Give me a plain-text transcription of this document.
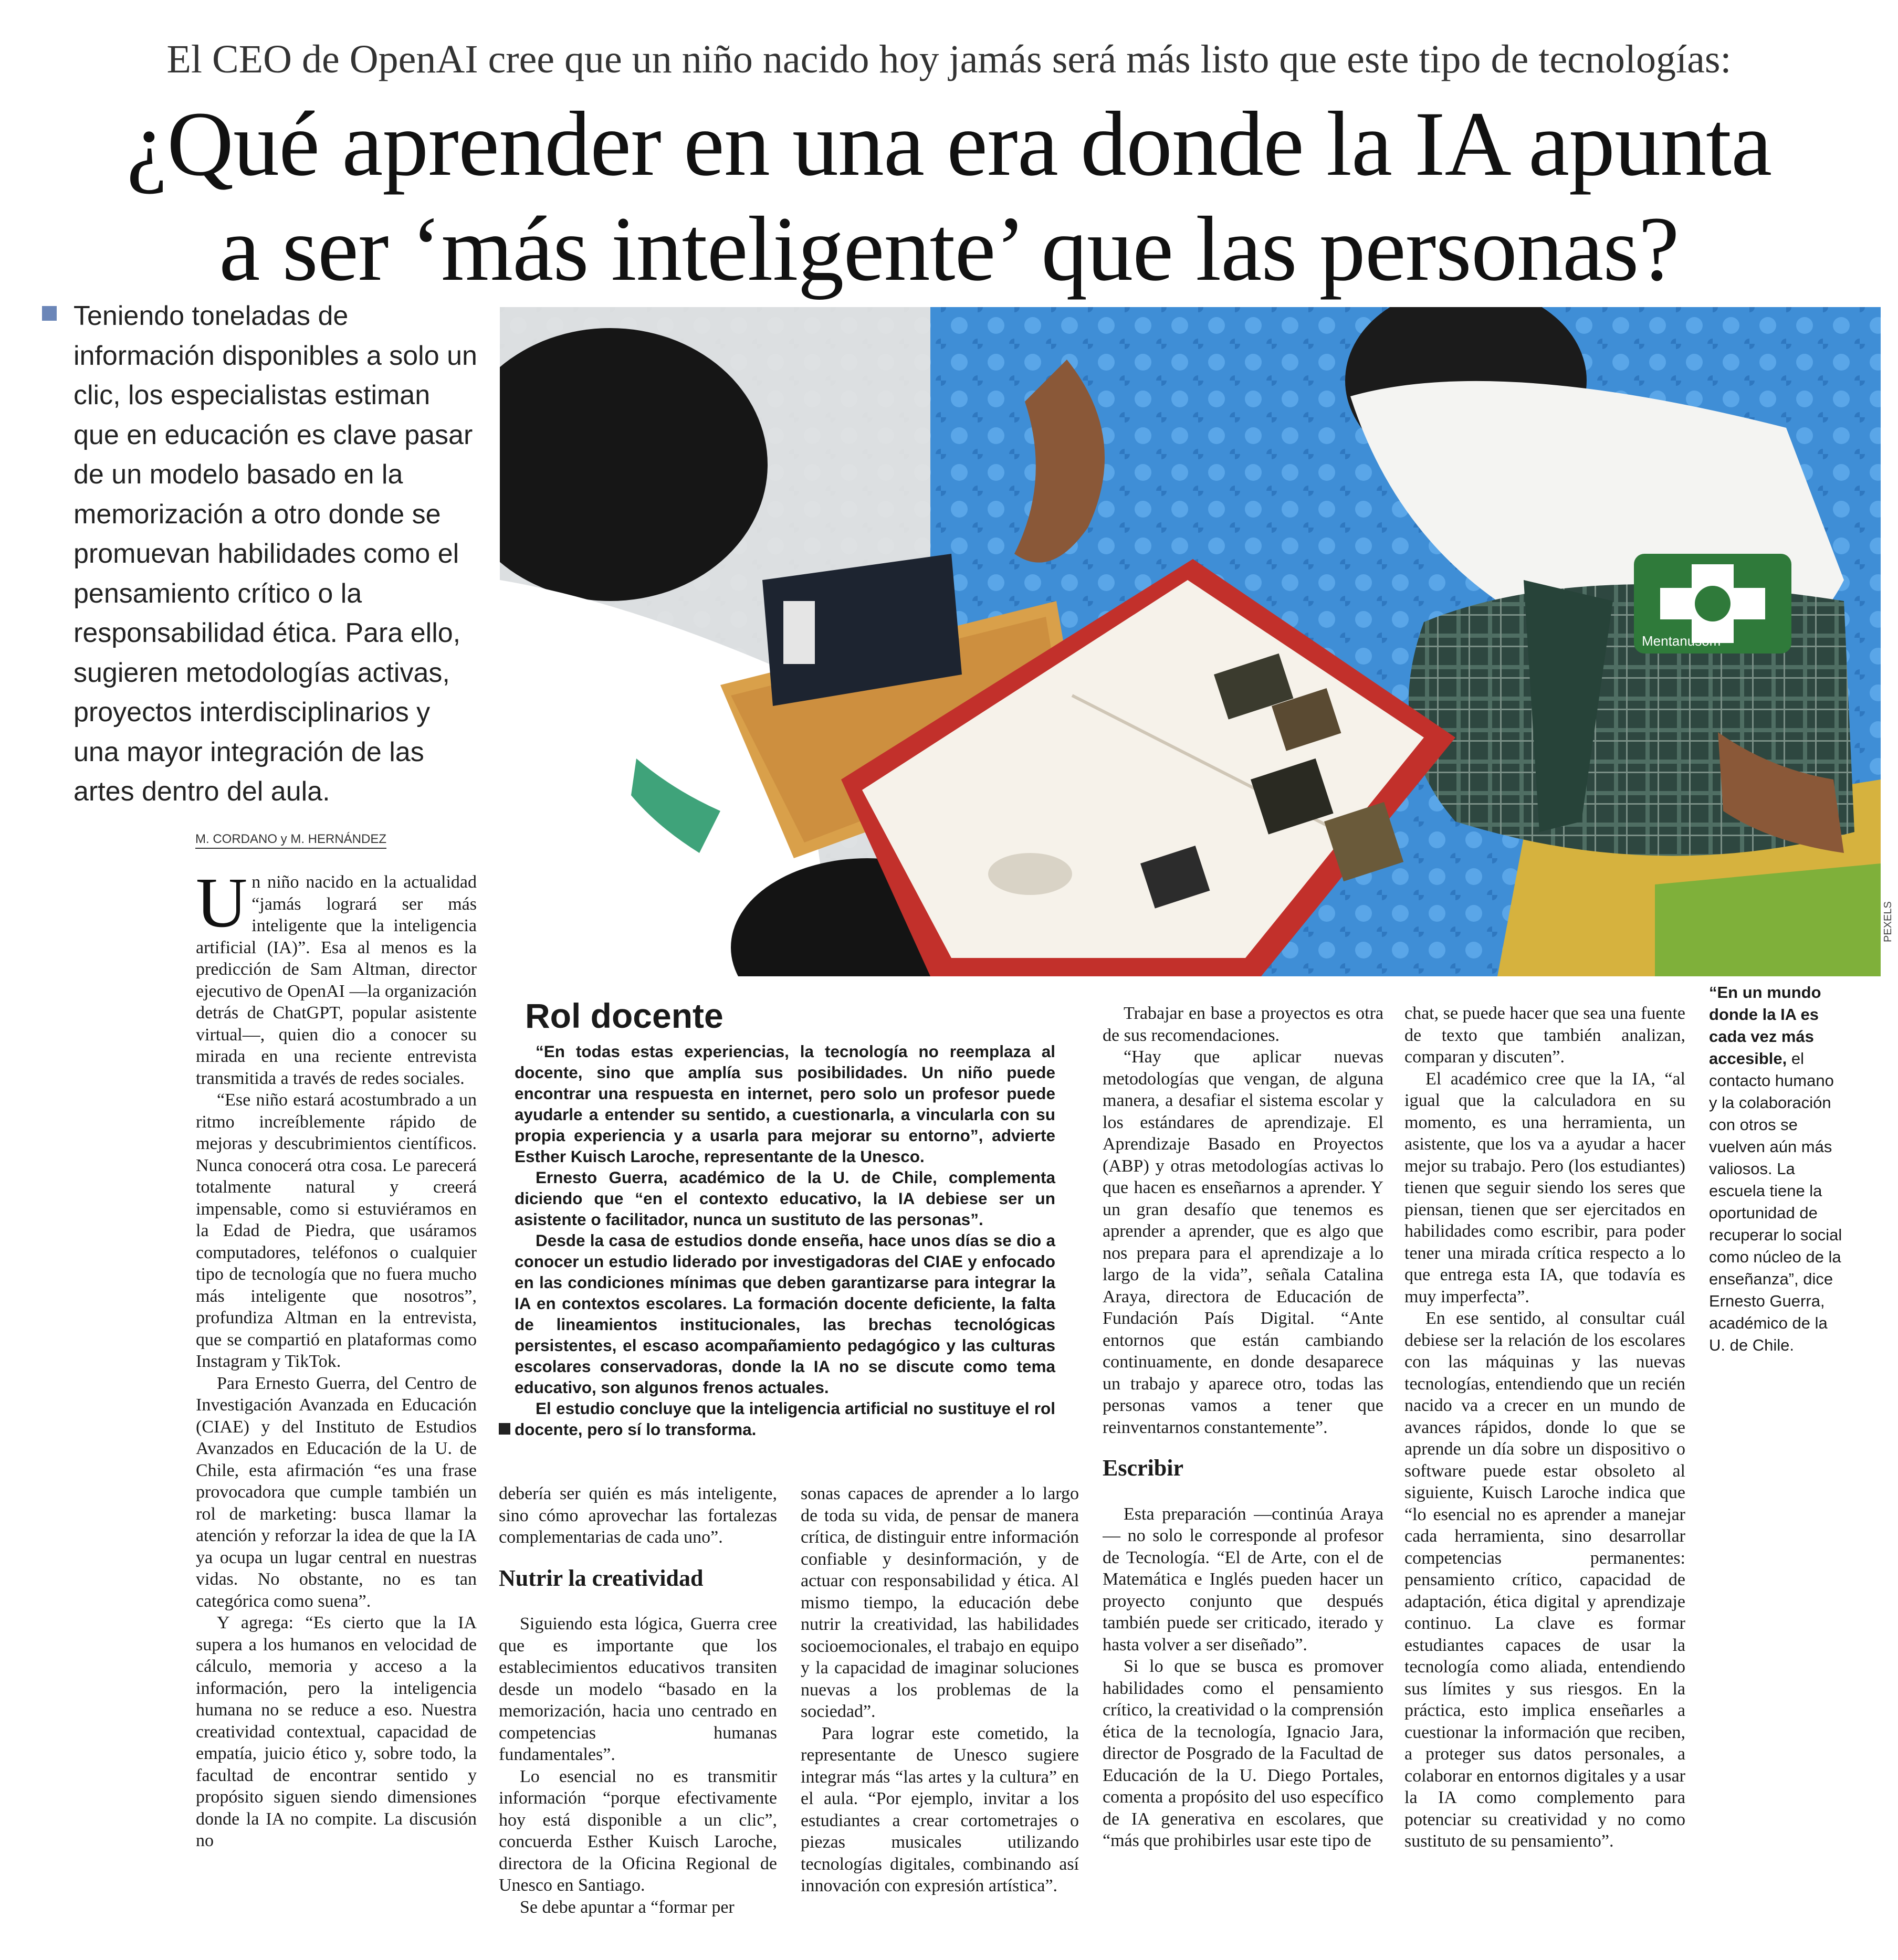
El CEO de OpenAI cree que un niño nacido hoy jamás será más listo que este tipo de tecnologías:
¿Qué aprender en una era donde la IA apunta
a ser ‘más inteligente’ que las personas?
Teniendo toneladas de información disponibles a solo un clic, los especialistas estiman que en educación es clave pasar de un modelo basado en la memorización a otro donde se promuevan habilidades como el pensamiento crítico o la responsabilidad ética. Para ello, sugieren metodologías activas, proyectos interdisciplinarios y una mayor integración de las artes dentro del aula.
M. CORDANO y M. HERNÁNDEZ
Mentanusom
PEXELS

Un niño nacido en la actualidad “jamás logrará ser más inteligente que la inteligencia artificial (IA)”. Esa al menos es la predicción de Sam Altman, director ejecutivo de OpenAI —la organización detrás de ChatGPT, popular asistente virtual—, quien dio a conocer su mirada en una reciente entrevista transmitida a través de redes sociales.

“Ese niño estará acostumbrado a un ritmo increíblemente rápido de mejoras y descubrimientos científicos. Nunca conocerá otra cosa. Le parecerá totalmente natural y creerá impensable, como si estuviéramos en la Edad de Piedra, que usáramos computadores, teléfonos o cualquier tipo de tecnología que no fuera mucho más inteligente que nosotros”, profundiza Altman en la entrevista, que se compartió en plataformas como Instagram y TikTok.

Para Ernesto Guerra, del Centro de Investigación Avanzada en Educación (CIAE) y del Instituto de Estudios Avanzados en Educación de la U. de Chile, esta afirmación “es una frase provocadora que cumple también un rol de marketing: busca llamar la atención y reforzar la idea de que la IA ya ocupa un lugar central en nuestras vidas. No obstante, no es tan categórica como suena”.

Y agrega: “Es cierto que la IA supera a los humanos en velocidad de cálculo, memoria y acceso a la información, pero la inteligencia humana no se reduce a eso. Nuestra creatividad contextual, capacidad de empatía, juicio ético y, sobre todo, la facultad de encontrar sentido y propósito siguen siendo dimensiones donde la IA no compite. La discusión no

Rol docente

“En todas estas experiencias, la tecnología no reemplaza al docente, sino que amplía sus posibilidades. Un niño puede encontrar una respuesta en internet, pero solo un profesor puede ayudarle a entender su sentido, a cuestionarla, a vincularla con su propia experiencia y a usarla para mejorar su entorno”, advierte Esther Kuisch Laroche, representante de la Unesco.

Ernesto Guerra, académico de la U. de Chile, complementa diciendo que “en el contexto educativo, la IA debiese ser un asistente o facilitador, nunca un sustituto de las personas”.

Desde la casa de estudios donde enseña, hace unos días se dio a conocer un estudio liderado por investigadoras del CIAE y enfocado en las condiciones mínimas que deben garantizarse para integrar la IA en contextos escolares. La formación docente deficiente, la falta de lineamientos institucionales, las brechas tecnológicas persistentes, el escaso acompañamiento pedagógico y las culturas escolares conservadoras, donde la IA no se discute como tema educativo, son algunos frenos actuales.

El estudio concluye que la inteligencia artificial no sustituye el rol docente, pero sí lo transforma.

debería ser quién es más inteligente, sino cómo aprovechar las fortalezas complementarias de cada uno”.

Nutrir la creatividad

Siguiendo esta lógica, Guerra cree que es importante que los establecimientos educativos transiten desde un modelo “basado en la memorización, hacia uno centrado en competencias humanas fundamentales”.

Lo esencial no es transmitir información “porque efectivamente hoy está disponible a un clic”, concuerda Esther Kuisch Laroche, directora de la Oficina Regional de Unesco en Santiago.

Se debe apuntar a “formar per

sonas capaces de aprender a lo largo de toda su vida, de pensar de manera crítica, de distinguir entre información confiable y desinformación, y de actuar con responsabilidad y ética. Al mismo tiempo, la educación debe nutrir la creatividad, las habilidades socioemocionales, el trabajo en equipo y la capacidad de imaginar soluciones nuevas a los problemas de la sociedad”.

Para lograr este cometido, la representante de Unesco sugiere integrar más “las artes y la cultura” en el aula. “Por ejemplo, invitar a los estudiantes a crear cortometrajes o piezas musicales utilizando tecnologías digitales, combinando así innovación con expresión artística”.

Trabajar en base a proyectos es otra de sus recomendaciones.

“Hay que aplicar nuevas metodologías que vengan, de alguna manera, a desafiar el sistema escolar y los estándares de aprendizaje. El Aprendizaje Basado en Proyectos (ABP) y otras metodologías activas lo que hacen es enseñarnos a aprender. Y un gran desafío que tenemos es aprender a aprender, que es algo que nos prepara para el aprendizaje a lo largo de la vida”, señala Catalina Araya, directora de Educación de Fundación País Digital. “Ante entornos que están cambiando continuamente, en donde desaparece un trabajo y aparece otro, todas las personas vamos a tener que reinventarnos constantemente”.

Escribir

Esta preparación —continúa Araya— no solo le corresponde al profesor de Tecnología. “El de Arte, con el de Matemática e Inglés pueden hacer un proyecto conjunto que después también puede ser criticado, iterado y hasta volver a ser diseñado”.

Si lo que se busca es promover habilidades como el pensamiento crítico, la creatividad o la comprensión ética de la tecnología, Ignacio Jara, director de Posgrado de la Facultad de Educación de la U. Diego Portales, comenta a propósito del uso específico de IA generativa en escolares, que “más que prohibirles usar este tipo de

chat, se puede hacer que sea una fuente de texto que también analizan, comparan y discuten”.

El académico cree que la IA, “al igual que la calculadora en su momento, es una herramienta, un asistente, que los va a ayudar a hacer mejor su trabajo. Pero (los estudiantes) tienen que seguir siendo los seres que piensan, tienen que ser ejercitados en habilidades como escribir, para poder tener una mirada crítica respecto a lo que entrega esta IA, que todavía es muy imperfecta”.

En ese sentido, al consultar cuál debiese ser la relación de los escolares con las máquinas y las nuevas tecnologías, entendiendo que un recién nacido va a crecer en un mundo de avances rápidos, donde lo que se aprende un día sobre un dispositivo o software puede estar obsoleto al siguiente, Kuisch Laroche indica que “lo esencial no es aprender a manejar cada herramienta, sino desarrollar competencias permanentes: pensamiento crítico, capacidad de adaptación, ética digital y aprendizaje continuo. La clave es formar estudiantes capaces de usar la tecnología como aliada, entendiendo sus límites y sus riesgos. En la práctica, esto implica enseñarles a cuestionar la información que reciben, a proteger sus datos personales, a colaborar en entornos digitales y a usar la IA como complemento para potenciar su creatividad y no como sustituto de su pensamiento”.

“En un mundo donde la IA es cada vez más accesible, el contacto humano y la colaboración con otros se vuelven aún más valiosos. La escuela tiene la oportunidad de recuperar lo social como núcleo de la enseñanza”, dice Ernesto Guerra, académico de la U. de Chile.
